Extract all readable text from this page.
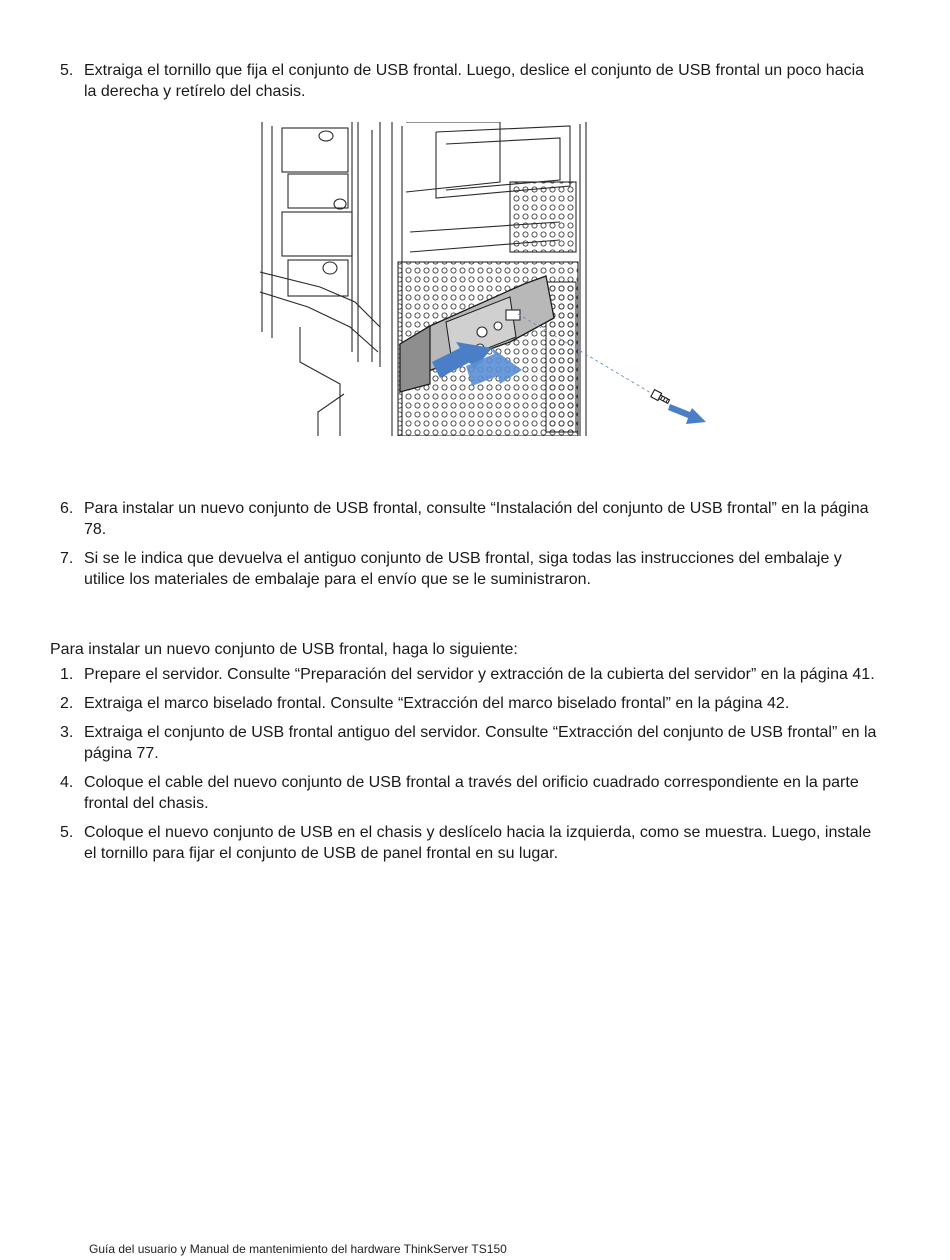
5. Extraiga el tornillo que fija el conjunto de USB frontal. Luego, deslice el conjunto de USB frontal un poco hacia la derecha y retírelo del chasis.
6. Para instalar un nuevo conjunto de USB frontal, consulte “Instalación del conjunto de USB frontal” en la página 78.
7. Si se le indica que devuelva el antiguo conjunto de USB frontal, siga todas las instrucciones del embalaje y utilice los materiales de embalaje para el envío que se le suministraron.

Para instalar un nuevo conjunto de USB frontal, haga lo siguiente:

1. Prepare el servidor. Consulte “Preparación del servidor y extracción de la cubierta del servidor” en la página 41.
2. Extraiga el marco biselado frontal. Consulte “Extracción del marco biselado frontal” en la página 42.
3. Extraiga el conjunto de USB frontal antiguo del servidor. Consulte “Extracción del conjunto de USB frontal” en la página 77.
4. Coloque el cable del nuevo conjunto de USB frontal a través del orificio cuadrado correspondiente en la parte frontal del chasis.
5. Coloque el nuevo conjunto de USB en el chasis y deslícelo hacia la izquierda, como se muestra. Luego, instale el tornillo para fijar el conjunto de USB de panel frontal en su lugar.
Guía del usuario y Manual de mantenimiento del hardware ThinkServer TS150
